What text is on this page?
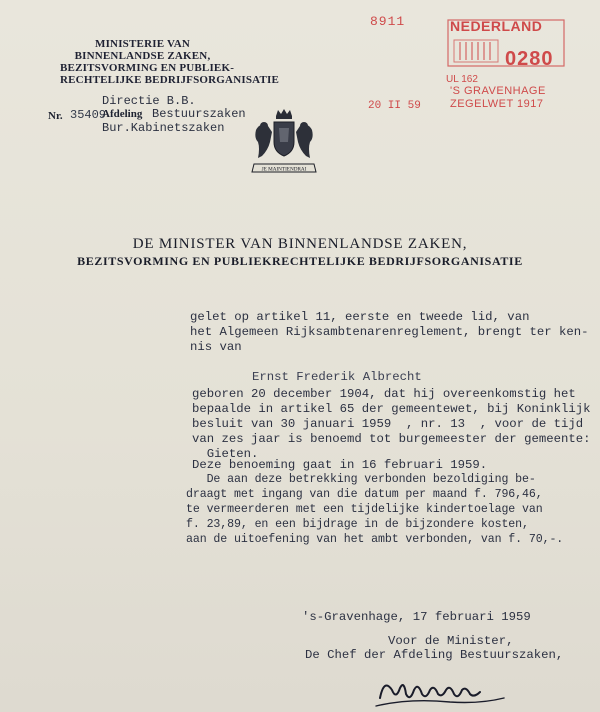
MINISTERIE VAN
BINNENLANDSE ZAKEN,
BEZITSVORMING EN PUBLIEK-
RECHTELIJKE BEDRIJFSORGANISATIE
Directie B.B.
Nr. 35409
Afdeling Bestuurszaken
Bur.Kabinetszaken
JE MAINTIENDRAI
8911	NEDERLAND
0280
UL 162
'S GRAVENHAGE
ZEGELWET 1917
20 II 59
DE MINISTER VAN BINNENLANDSE ZAKEN,
BEZITSVORMING EN PUBLIEKRECHTELIJKE BEDRIJFSORGANISATIE
gelet op artikel 11, eerste en tweede lid, van
het Algemeen Rijksambtenarenreglement, brengt ter ken-
nis van
Ernst Frederik Albrecht
geboren 20 december 1904, dat hij overeenkomstig het
bepaalde in artikel 65 der gemeentewet, bij Koninklijk
besluit van 30 januari 1959  , nr. 13  , voor de tijd
van zes jaar is benoemd tot burgemeester der gemeente:
Gieten.
Deze benoeming gaat in 16 februari 1959.
De aan deze betrekking verbonden bezoldiging be-
draagt met ingang van die datum per maand f. 796,46,
te vermeerderen met een tijdelijke kindertoelage van
f. 23,89, en een bijdrage in de bijzondere kosten,
aan de uitoefening van het ambt verbonden, van f. 70,-.
's-Gravenhage, 17 februari 1959
Voor de Minister,
De Chef der Afdeling Bestuurszaken,
